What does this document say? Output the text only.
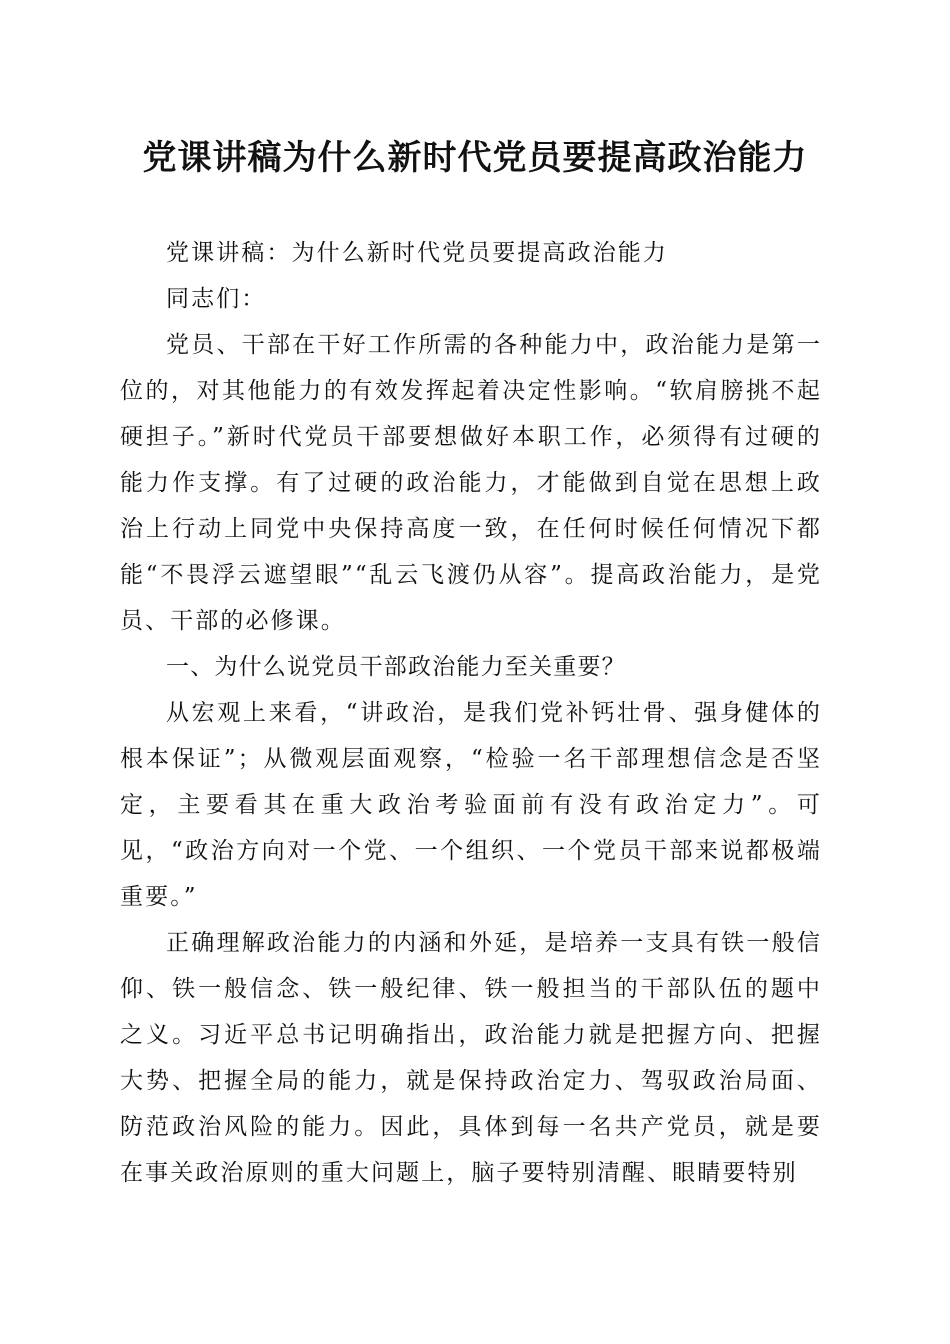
党课讲稿为什么新时代党员要提高政治能力

党课讲稿：为什么新时代党员要提高政治能力

同志们：

党员、干部在干好工作所需的各种能力中，政治能力是第一位的，对其他能力的有效发挥起着决定性影响。“软肩膀挑不起硬担子。”新时代党员干部要想做好本职工作，必须得有过硬的能力作支撑。有了过硬的政治能力，才能做到自觉在思想上政治上行动上同党中央保持高度一致，在任何时候任何情况下都能“不畏浮云遮望眼”“乱云飞渡仍从容”。提高政治能力，是党员、干部的必修课。

一、为什么说党员干部政治能力至关重要？

从宏观上来看，“讲政治，是我们党补钙壮骨、强身健体的根本保证”；从微观层面观察，“检验一名干部理想信念是否坚定，主要看其在重大政治考验面前有没有政治定力”。可见，“政治方向对一个党、一个组织、一个党员干部来说都极端重要。”

正确理解政治能力的内涵和外延，是培养一支具有铁一般信仰、铁一般信念、铁一般纪律、铁一般担当的干部队伍的题中之义。习近平总书记明确指出，政治能力就是把握方向、把握大势、把握全局的能力，就是保持政治定力、驾驭政治局面、防范政治风险的能力。因此，具体到每一名共产党员，就是要在事关政治原则的重大问题上，脑子要特别清醒、眼睛要特别
